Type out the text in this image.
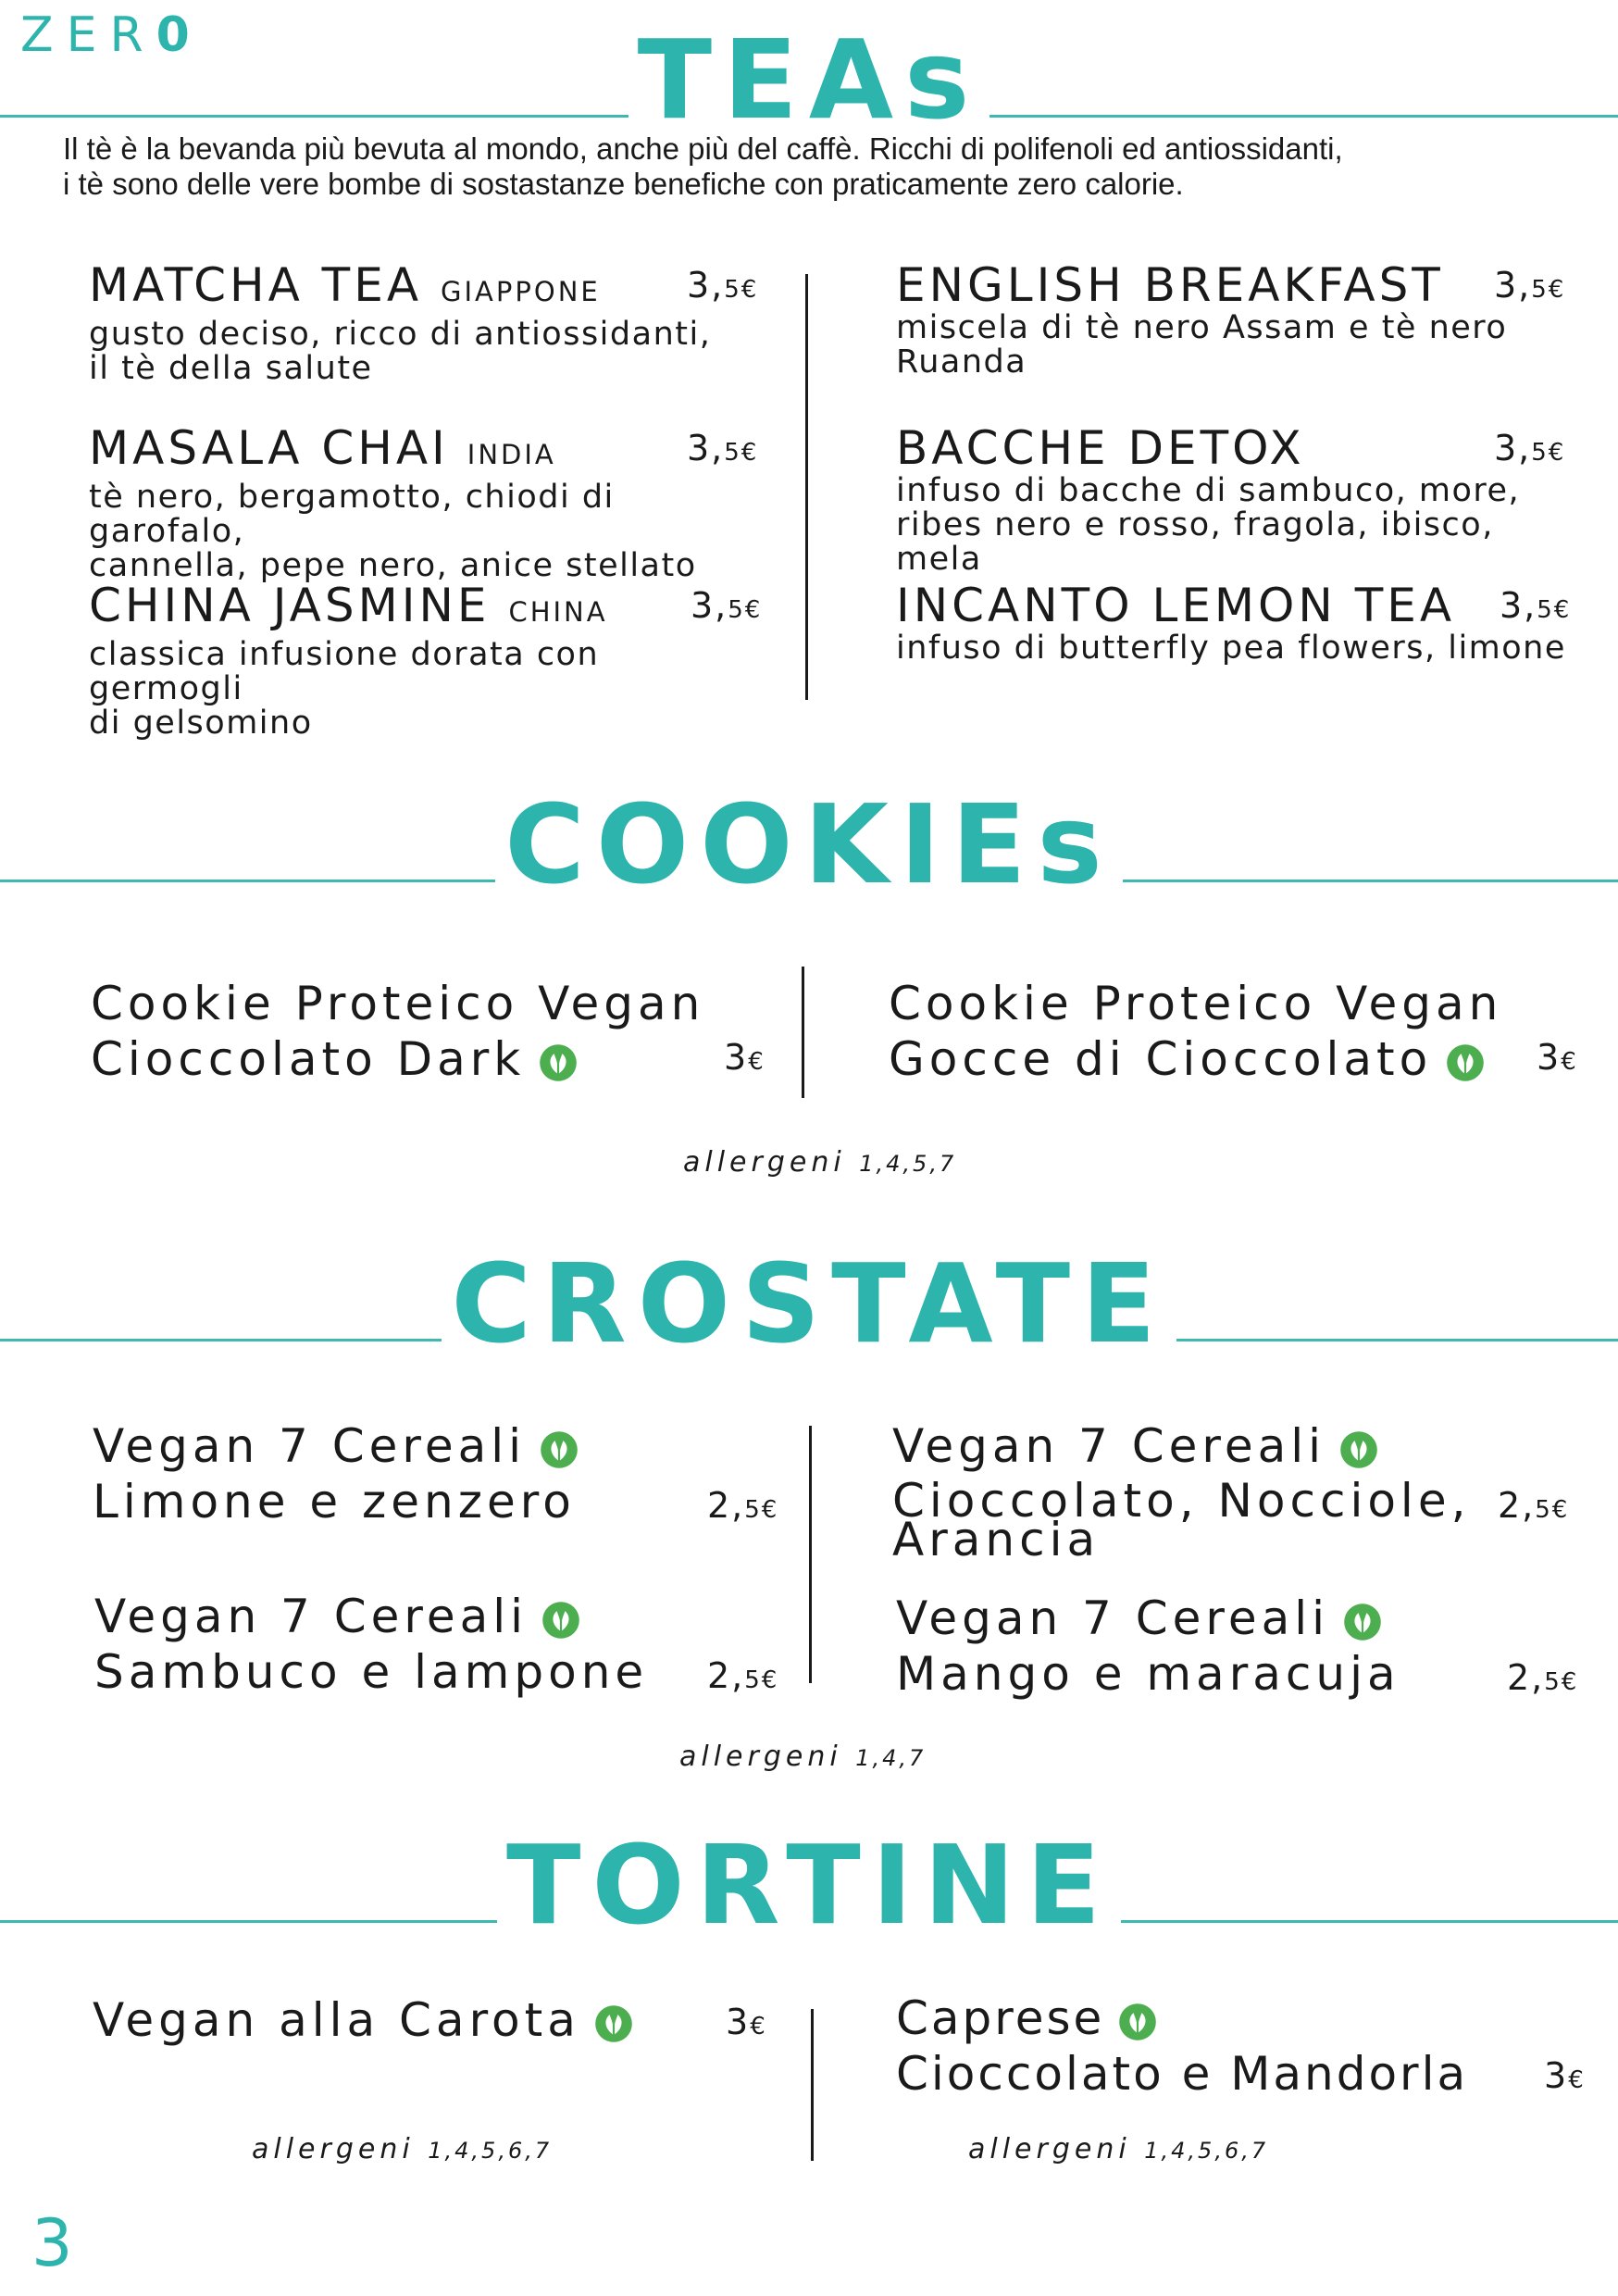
ZER0	TEAs
Il tè è la bevanda più bevuta al mondo, anche più del caffè. Ricchi di polifenoli ed antiossidanti,
i tè sono delle vere bombe di sostastanze benefiche con praticamente zero calorie.
MATCHA TEA GIAPPONE
gusto deciso, ricco di antiossidanti,
il tè della salute
3,5€
MASALA CHAI INDIA
tè nero, bergamotto, chiodi di garofalo,
cannella, pepe nero, anice stellato
3,5€
CHINA JASMINE CHINA
classica infusione dorata con germogli
di gelsomino
3,5€
ENGLISH BREAKFAST
miscela di tè nero Assam e tè nero
Ruanda
3,5€
BACCHE DETOX
infuso di bacche di sambuco, more,
ribes nero e rosso, fragola, ibisco, mela
3,5€
INCANTO LEMON TEA
infuso di butterfly pea flowers, limone
3,5€
COOKIEs
Cookie Proteico Vegan
Cioccolato Dark	3€
Cookie Proteico Vegan
Gocce di Cioccolato	3€
allergeni 1,4,5,7
CROSTATE
Vegan 7 Cereali
Limone e zenzero	2,5€
Vegan 7 Cereali
Sambuco e lampone	2,5€
Vegan 7 Cereali
Cioccolato, Nocciole,
Arancia
2,5€
Vegan 7 Cereali
Mango e maracuja	2,5€
allergeni 1,4,7
TORTINE
Vegan alla Carota	3€
allergeni 1,4,5,6,7
Caprese
Cioccolato e Mandorla	3€
allergeni 1,4,5,6,7
3
